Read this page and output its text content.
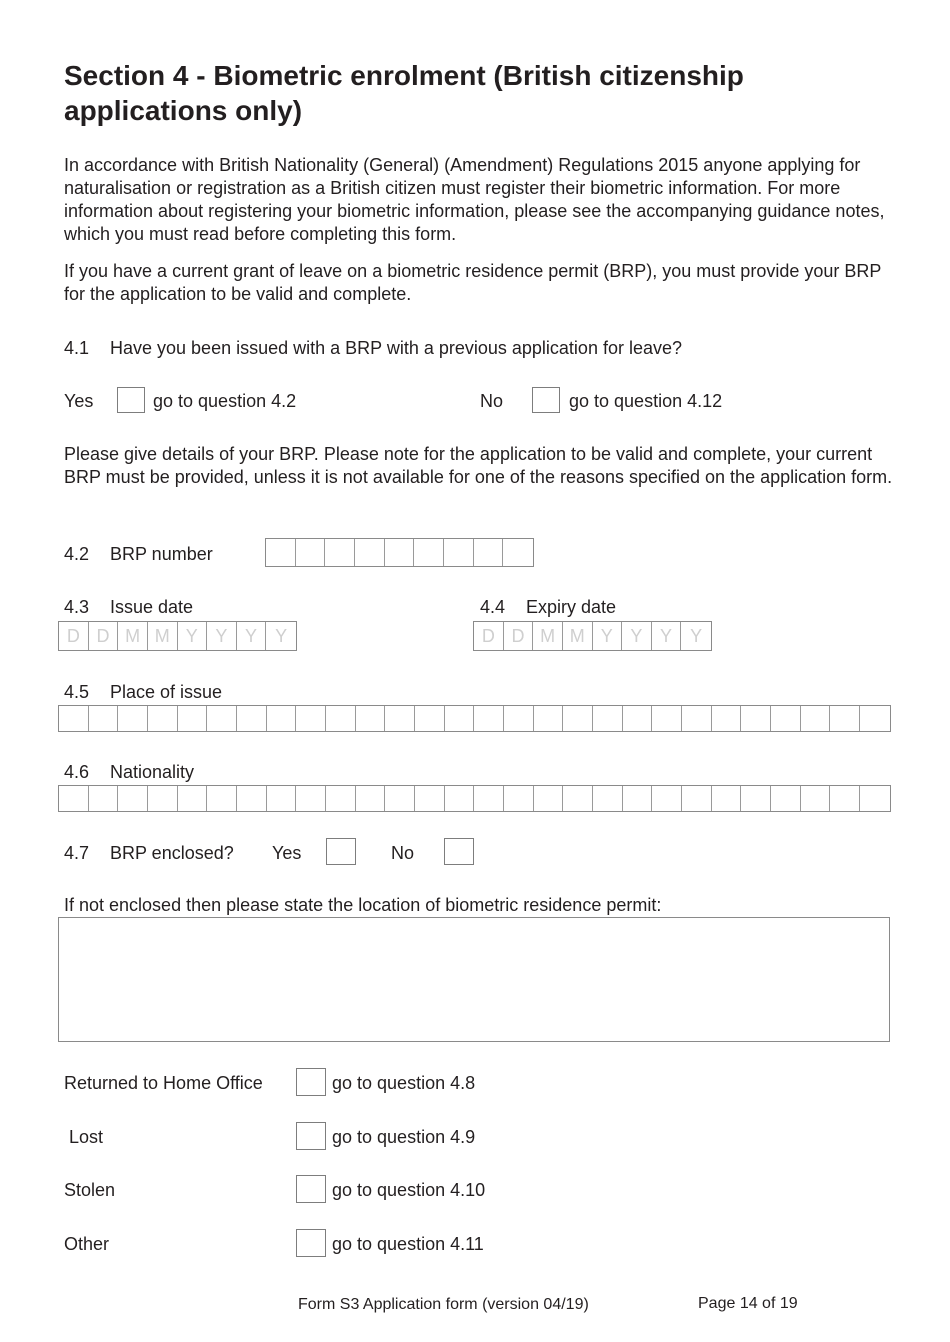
Section 4 - Biometric enrolment (British citizenship applications only)
In accordance with British Nationality (General) (Amendment) Regulations 2015 anyone applying for naturalisation or registration as a British citizen must register their biometric information. For more information about registering your biometric information, please see the accompanying guidance notes, which you must read before completing this form.
If you have a current grant of leave on a biometric residence permit (BRP), you must provide your BRP for the application to be valid and complete.
4.1 Have you been issued with a BRP with a previous application for leave?
Yes	go to question 4.2	No	go to question 4.12
Please give details of your BRP. Please note for the application to be valid and complete, your current BRP must be provided, unless it is not available for one of the reasons specified on the application form.
4.2 BRP number
4.3 Issue date
D D M M Y Y Y	Y
4.4 Expiry date
D D M M Y Y Y	Y
4.5 Place of issue
4.6 Nationality
4.7 BRP enclosed? Yes	No
If not enclosed then please state the location of biometric residence permit:
Returned to Home Office	go to question 4.8
Lost	go to question 4.9
Stolen	go to question 4.10
Other	go to question 4.11
Form S3 Application form (version 04/19)	Page 14 of 19
